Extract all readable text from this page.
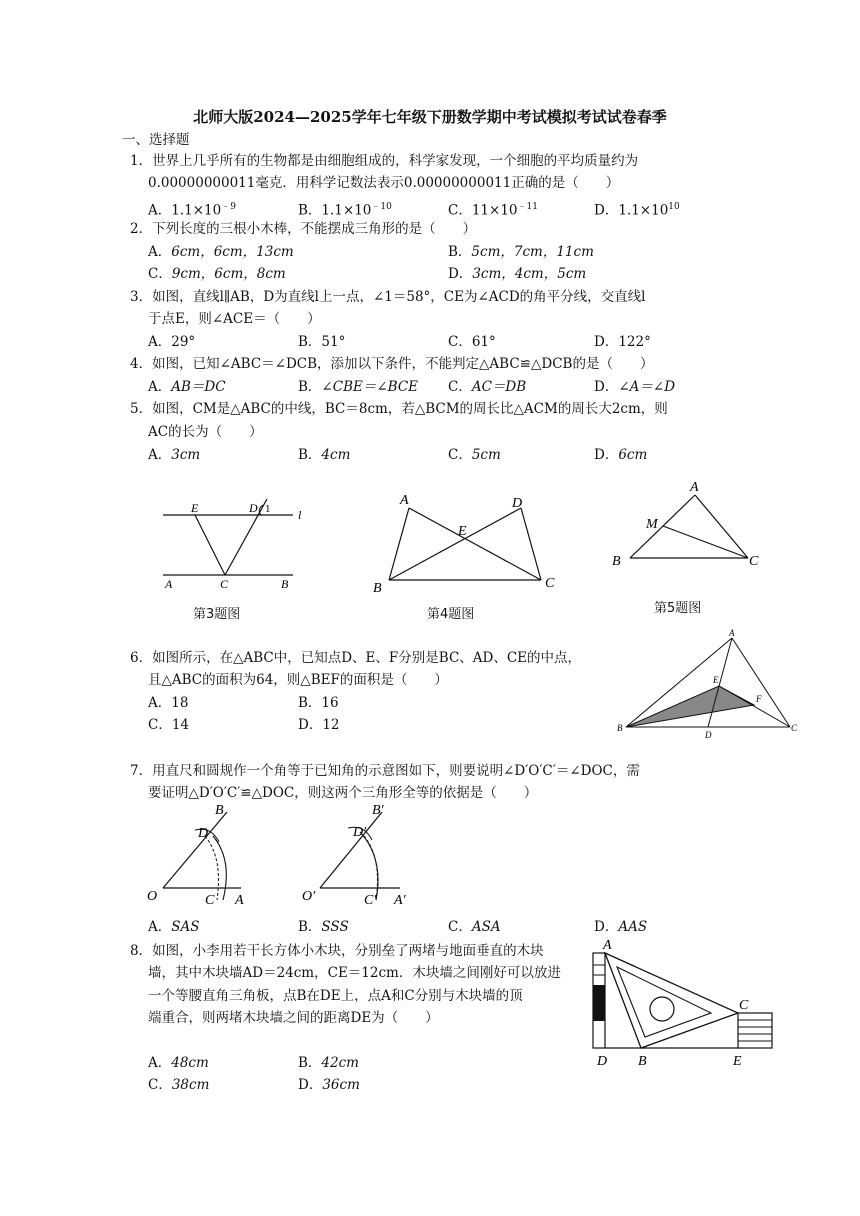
北师大版2024—2025学年七年级下册数学期中考试模拟考试试卷春季
一、选择题
1．世界上几乎所有的生物都是由细胞组成的，科学家发现，一个细胞的平均质量约为
0.00000000011毫克．用科学记数法表示0.00000000011正确的是（　　）
A．$1.1\times 10^{﹣9}$	B．$1.1\times 10^{﹣10}$	C．$11\times 10^{﹣11}$	D．$1.1\times 10^{10}$
2．下列长度的三根小木棒，不能摆成三角形的是（　　）
A．6cm，6cm，13cm	B．5cm，7cm，11cm
C．9cm，6cm，8cm	D．3cm，4cm，5cm
3．如图，直线l∥AB，D为直线l上一点，∠1＝58°，CE为∠ACD的角平分线，交直线l
于点E，则∠ACE＝（　　）
A．29°	B．51°	C．61°	D．122°
4．如图，已知∠ABC＝∠DCB，添加以下条件，不能判定△ABC≌△DCB的是（　　）
A．AB＝DC	B．∠CBE＝∠BCE C．AC＝DB	D．∠A＝∠D
5．如图，CM是△ABC的中线，BC＝8cm，若△BCM的周长比△ACM的周长大2cm，则
AC的长为（　　）
A．3cm	B．4cm	C．5cm	D．6cm
E	D 1 l
A	C	B
第3题图
A	D
E
B	C
第4题图
A
M
B	C
第5题图
6．如图所示，在△ABC中，已知点D、E、F分别是BC、AD、CE的中点，
且△ABC的面积为64，则△BEF的面积是（　　）
A．18	B．16
C．14	D．12
A
E
F
B
D
C
7．用直尺和圆规作一个角等于已知角的示意图如下，则要说明∠D′O′C′＝∠DOC，需
要证明△D′O′C′≌△DOC，则这两个三角形全等的依据是（　　）
B
D
O	C A
B′
D′
O′	C′ A′
A．SAS	B．SSS	C．ASA	D．AAS
8．如图，小李用若干长方体小木块，分别垒了两堵与地面垂直的木块
墙，其中木块墙AD＝24cm，CE＝12cm．木块墙之间刚好可以放进
一个等腰直角三角板，点B在DE上，点A和C分别与木块墙的顶
端重合，则两堵木块墙之间的距离DE为（　　）
A．48cm	B．42cm
C．38cm	D．36cm
A
C
D B	E
